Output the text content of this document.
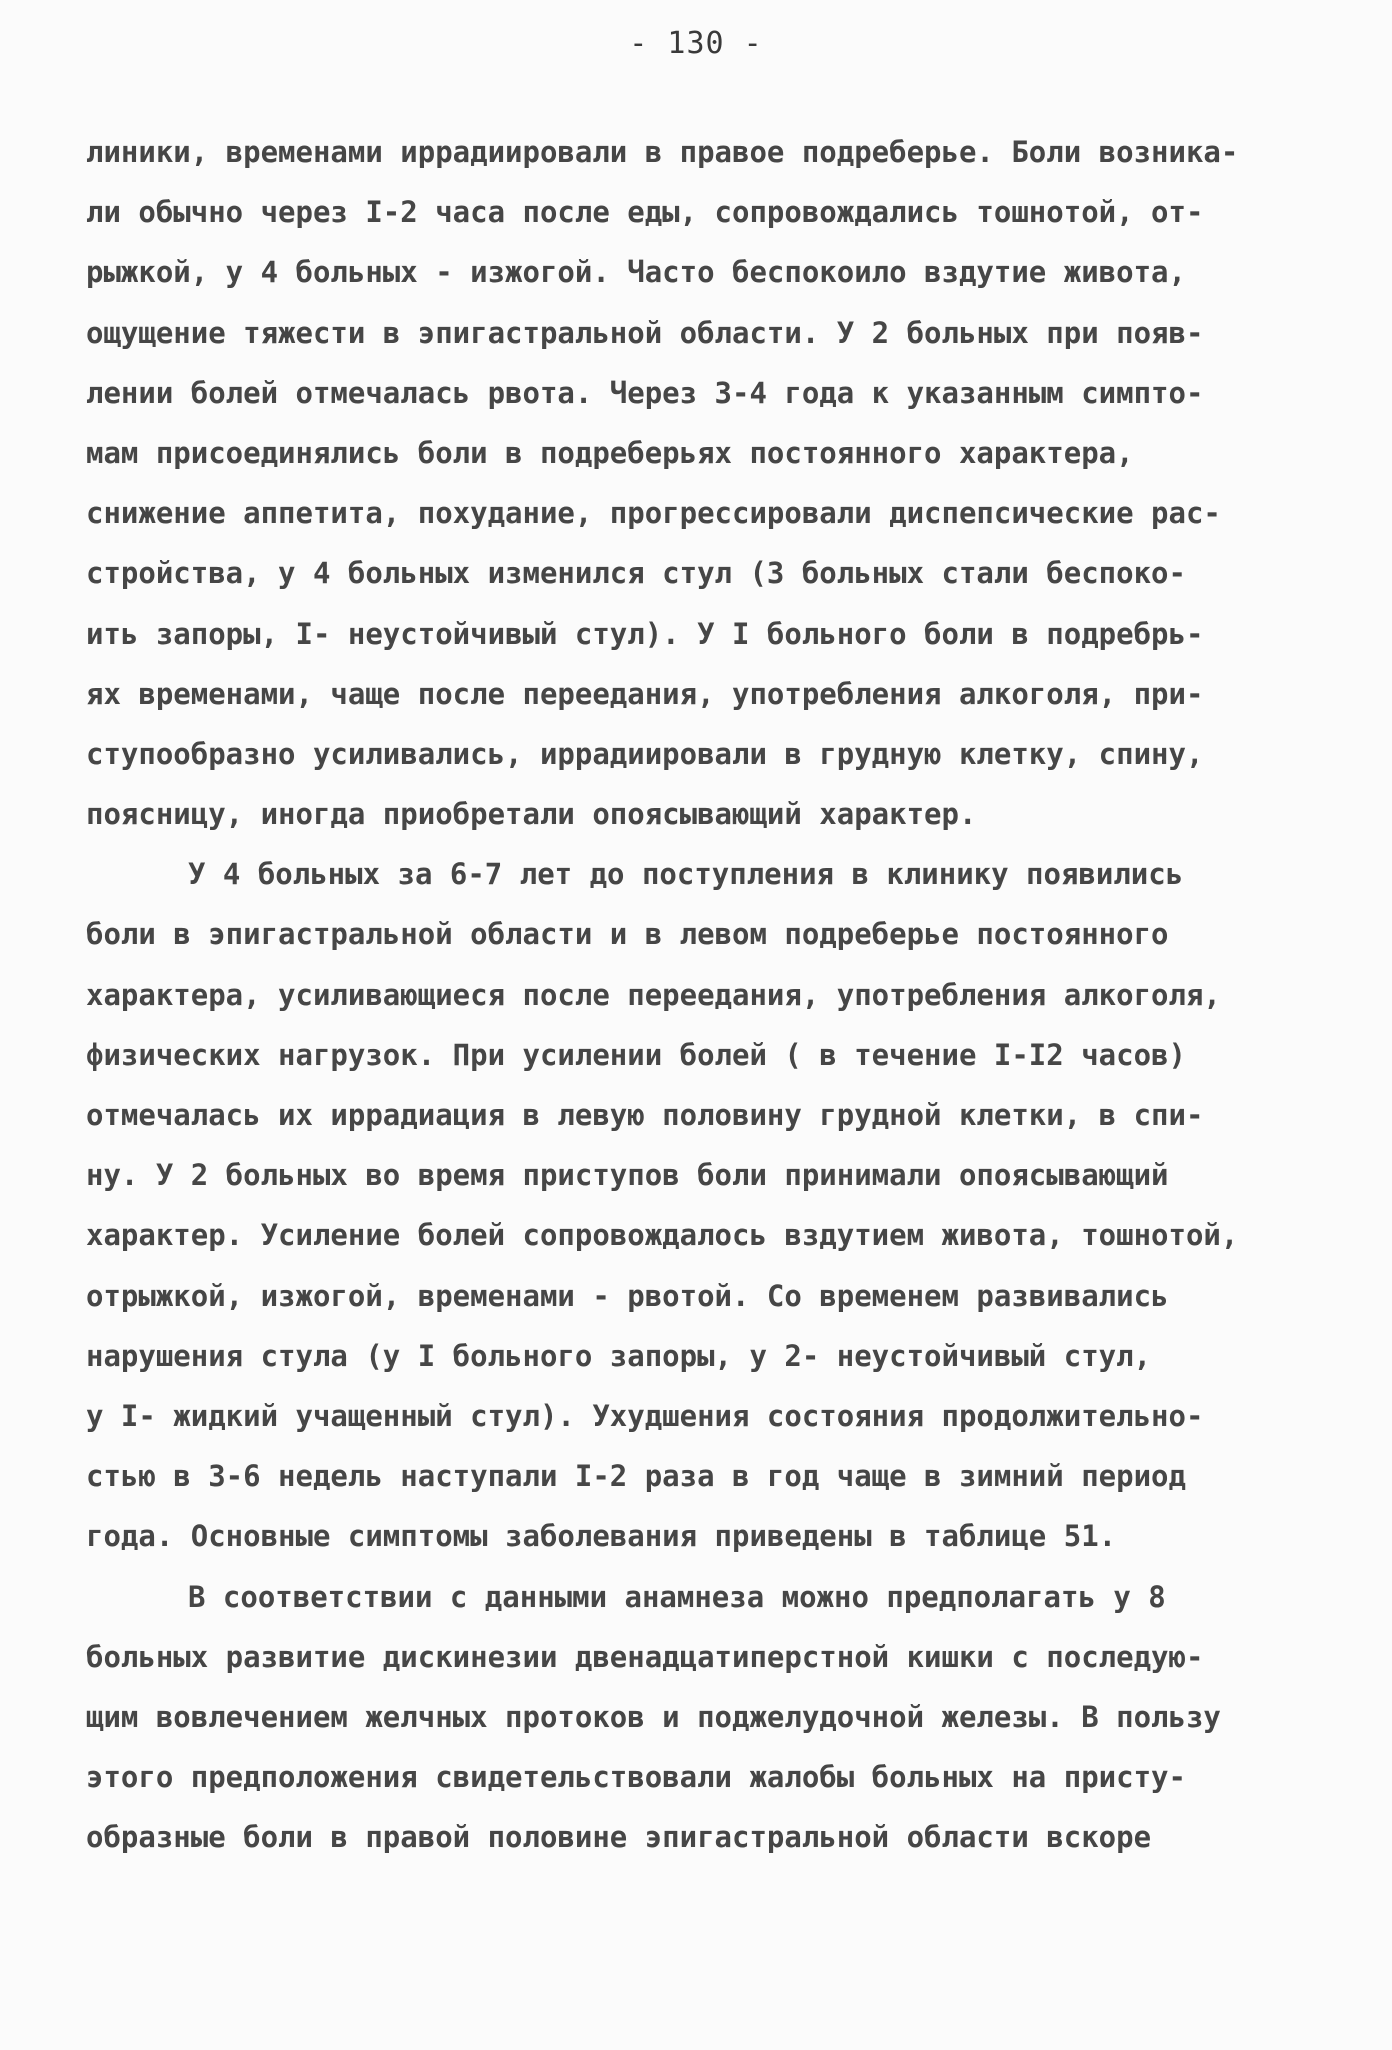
- 130 -
линики, временами иррадиировали в правое подреберье. Боли возника-
ли обычно через I-2 часа после еды, сопровождались тошнотой, от-
рыжкой, у 4 больных - изжогой. Часто беспокоило вздутие живота,
ощущение тяжести в эпигастральной области. У 2 больных при появ-
лении болей отмечалась рвота. Через 3-4 года к указанным симпто-
мам присоединялись боли в подреберьях постоянного характера,
снижение аппетита, похудание, прогрессировали диспепсические рас-
стройства, у 4 больных изменился стул (3 больных стали беспоко-
ить запоры, I- неустойчивый стул). У I больного боли в подребрь-
ях временами, чаще после переедания, употребления алкоголя, при-
ступообразно усиливались, иррадиировали в грудную клетку, спину,
поясницу, иногда приобретали опоясывающий характер.
У 4 больных за 6-7 лет до поступления в клинику появились
боли в эпигастральной области и в левом подреберье постоянного
характера, усиливающиеся после переедания, употребления алкоголя,
физических нагрузок. При усилении болей ( в течение I-I2 часов)
отмечалась их иррадиация в левую половину грудной клетки, в спи-
ну. У 2 больных во время приступов боли принимали опоясывающий
характер. Усиление болей сопровождалось вздутием живота, тошнотой,
отрыжкой, изжогой, временами - рвотой. Со временем развивались
нарушения стула (у I больного запоры, у 2- неустойчивый стул,
у I- жидкий учащенный стул). Ухудшения состояния продолжительно-
стью в 3-6 недель наступали I-2 раза в год чаще в зимний период
года. Основные симптомы заболевания приведены в таблице 51.
В соответствии с данными анамнеза можно предполагать у 8
больных развитие дискинезии двенадцатиперстной кишки с последую-
щим вовлечением желчных протоков и поджелудочной железы. В пользу
этого предположения свидетельствовали жалобы больных на присту-
образные боли в правой половине эпигастральной области вскоре
